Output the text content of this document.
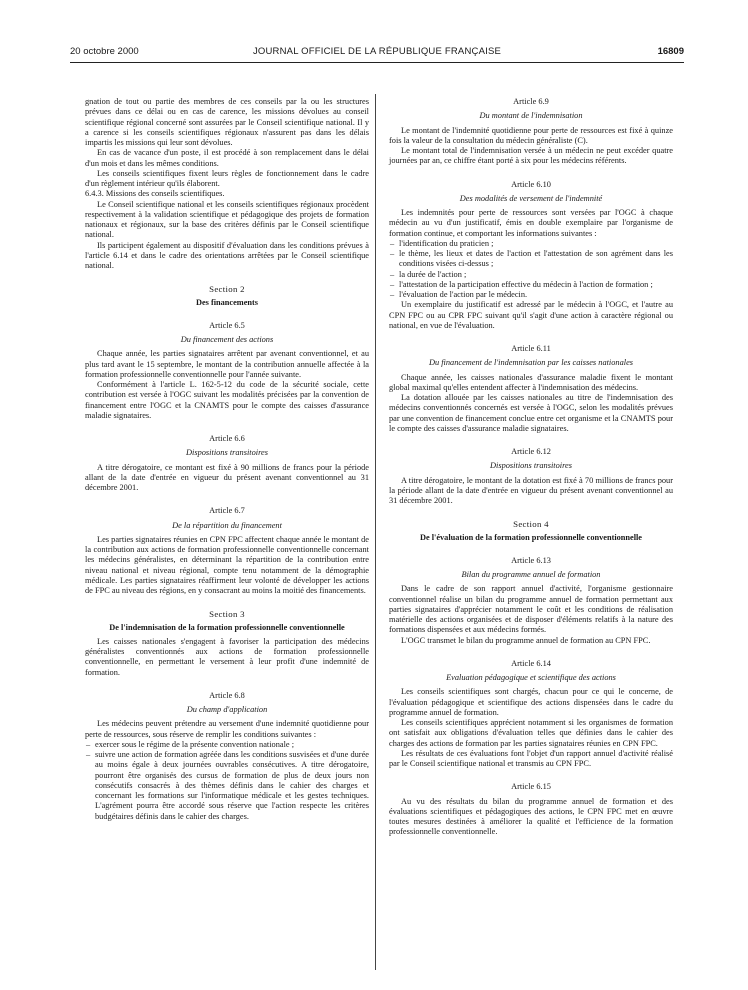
20 octobre 2000	JOURNAL OFFICIEL DE LA RÉPUBLIQUE FRANÇAISE	16809

gnation de tout ou partie des membres de ces conseils par la ou les structures prévues dans ce délai ou en cas de carence, les missions dévolues au conseil scientifique régional concerné sont assurées par le Conseil scientifique national. Il y a carence si les conseils scientifiques régionaux n'assurent pas dans les délais impartis les missions qui leur sont dévolues.

En cas de vacance d'un poste, il est procédé à son remplacement dans le délai d'un mois et dans les mêmes conditions.

Les conseils scientifiques fixent leurs règles de fonctionnement dans le cadre d'un règlement intérieur qu'ils élaborent.

6.4.3. Missions des conseils scientifiques.

Le Conseil scientifique national et les conseils scientifiques régionaux procèdent respectivement à la validation scientifique et pédagogique des projets de formation nationaux et régionaux, sur la base des critères définis par le Conseil scientifique national.

Ils participent également au dispositif d'évaluation dans les conditions prévues à l'article 6.14 et dans le cadre des orientations arrêtées par le Conseil scientifique national.

Section 2
Des financements
Article 6.5
Du financement des actions

Chaque année, les parties signataires arrêtent par avenant conventionnel, et au plus tard avant le 15 septembre, le montant de la contribution annuelle affectée à la formation professionnelle conventionnelle pour l'année suivante.

Conformément à l'article L. 162-5-12 du code de la sécurité sociale, cette contribution est versée à l'OGC suivant les modalités précisées par la convention de financement entre l'OGC et la CNAMTS pour le compte des caisses d'assurance maladie signataires.

Article 6.6
Dispositions transitoires

A titre dérogatoire, ce montant est fixé à 90 millions de francs pour la période allant de la date d'entrée en vigueur du présent avenant conventionnel au 31 décembre 2001.

Article 6.7
De la répartition du financement

Les parties signataires réunies en CPN FPC affectent chaque année le montant de la contribution aux actions de formation professionnelle conventionnelle concernant les médecins généralistes, en déterminant la répartition de la contribution entre niveau national et niveau régional, compte tenu notamment de la démographie médicale. Les parties signataires réaffirment leur volonté de développer les actions de FPC au niveau des régions, en y consacrant au moins la moitié des financements.

Section 3
De l'indemnisation de la formation professionnelle conventionnelle

Les caisses nationales s'engagent à favoriser la participation des médecins généralistes conventionnés aux actions de formation professionnelle conventionnelle, en permettant le versement à leur profit d'une indemnité de formation.

Article 6.8
Du champ d'application

Les médecins peuvent prétendre au versement d'une indemnité quotidienne pour perte de ressources, sous réserve de remplir les conditions suivantes :

– exercer sous le régime de la présente convention nationale ;
– suivre une action de formation agréée dans les conditions susvisées et d'une durée au moins égale à deux journées ouvrables consécutives. A titre dérogatoire, pourront être organisés des cursus de formation de plus de deux jours non consécutifs consacrés à des thèmes définis dans le cahier des charges et concernant les formations sur l'informatique médicale et les gestes techniques. L'agrément pourra être accordé sous réserve que l'action respecte les critères budgétaires définis dans le cahier des charges.
Article 6.9
Du montant de l'indemnisation

Le montant de l'indemnité quotidienne pour perte de ressources est fixé à quinze fois la valeur de la consultation du médecin généraliste (C).

Le montant total de l'indemnisation versée à un médecin ne peut excéder quatre journées par an, ce chiffre étant porté à six pour les médecins référents.

Article 6.10
Des modalités de versement de l'indemnité

Les indemnités pour perte de ressources sont versées par l'OGC à chaque médecin au vu d'un justificatif, émis en double exemplaire par l'organisme de formation continue, et comportant les informations suivantes :

– l'identification du praticien ;
– le thème, les lieux et dates de l'action et l'attestation de son agrément dans les conditions visées ci-dessus ;
– la durée de l'action ;
– l'attestation de la participation effective du médecin à l'action de formation ;
– l'évaluation de l'action par le médecin.

Un exemplaire du justificatif est adressé par le médecin à l'OGC, et l'autre au CPN FPC ou au CPR FPC suivant qu'il s'agit d'une action à caractère régional ou national, en vue de l'évaluation.

Article 6.11
Du financement de l'indemnisation par les caisses nationales

Chaque année, les caisses nationales d'assurance maladie fixent le montant global maximal qu'elles entendent affecter à l'indemnisation des médecins.

La dotation allouée par les caisses nationales au titre de l'indemnisation des médecins conventionnés concernés est versée à l'OGC, selon les modalités prévues par une convention de financement conclue entre cet organisme et la CNAMTS pour le compte des caisses d'assurance maladie signataires.

Article 6.12
Dispositions transitoires

A titre dérogatoire, le montant de la dotation est fixé à 70 millions de francs pour la période allant de la date d'entrée en vigueur du présent avenant conventionnel au 31 décembre 2001.

Section 4
De l'évaluation de la formation professionnelle conventionnelle
Article 6.13
Bilan du programme annuel de formation

Dans le cadre de son rapport annuel d'activité, l'organisme gestionnaire conventionnel réalise un bilan du programme annuel de formation permettant aux parties signataires d'apprécier notamment le coût et les conditions de réalisation matérielle des actions organisées et de disposer d'éléments relatifs à la nature des formations dispensées et aux médecins formés.

L'OGC transmet le bilan du programme annuel de formation au CPN FPC.

Article 6.14
Evaluation pédagogique et scientifique des actions

Les conseils scientifiques sont chargés, chacun pour ce qui le concerne, de l'évaluation pédagogique et scientifique des actions dispensées dans le cadre du programme annuel de formation.

Les conseils scientifiques apprécient notamment si les organismes de formation ont satisfait aux obligations d'évaluation telles que définies dans le cahier des charges des actions de formation par les parties signataires réunies en CPN FPC.

Les résultats de ces évaluations font l'objet d'un rapport annuel d'activité réalisé par le Conseil scientifique national et transmis au CPN FPC.

Article 6.15

Au vu des résultats du bilan du programme annuel de formation et des évaluations scientifiques et pédagogiques des actions, le CPN FPC met en œuvre toutes mesures destinées à améliorer la qualité et l'efficience de la formation professionnelle conventionnelle.
